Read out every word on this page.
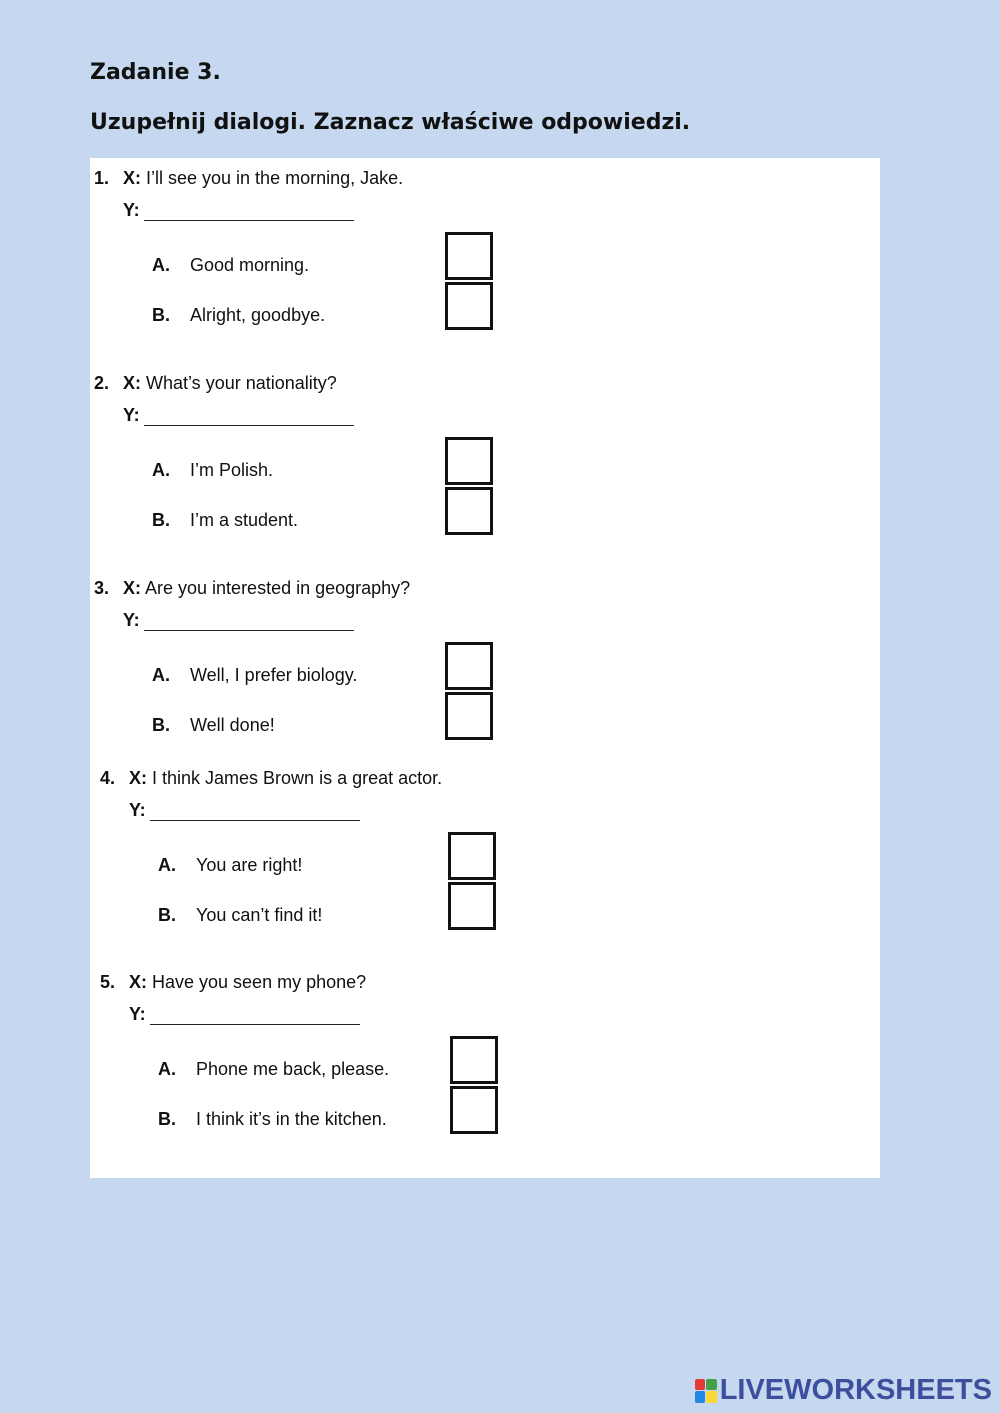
Zadanie 3.
Uzupełnij dialogi. Zaznacz właściwe odpowiedzi.
1. X: I’ll see you in the morning, Jake.
Y:
A. Good morning.
B. Alright, goodbye.
2. X: What’s your nationality?
Y:
A. I’m Polish.
B. I’m a student.
3. X: Are you interested in geography?
Y:
A. Well, I prefer biology.
B. Well done!
4. X: I think James Brown is a great actor.
Y:
A. You are right!
B. You can’t find it!
5. X: Have you seen my phone?
Y:
A. Phone me back, please.
B. I think it’s in the kitchen.
LIVEWORKSHEETS
